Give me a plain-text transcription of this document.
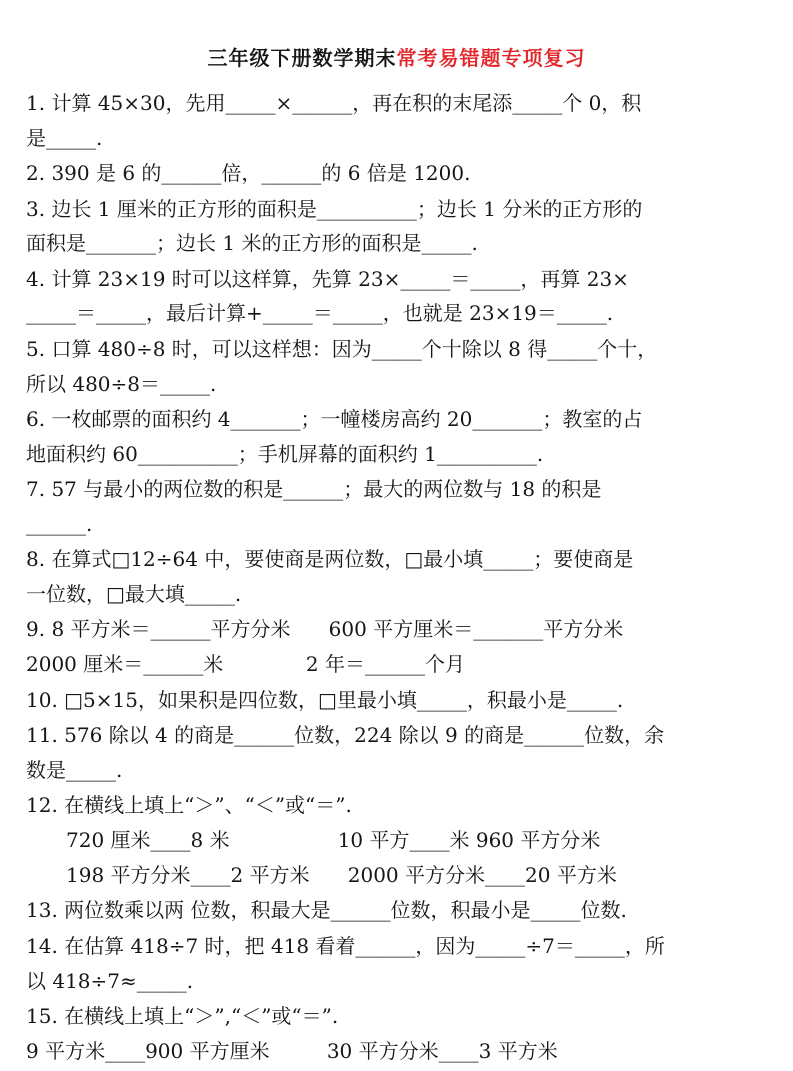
三年级下册数学期末常考易错题专项复习
1. 计算 45×30，先用_____×______，再在积的末尾添_____个 0，积
是_____.
2. 390 是 6 的______倍，______的 6 倍是 1200.
3. 边长 1 厘米的正方形的面积是__________；边长 1 分米的正方形的
面积是_______；边长 1 米的正方形的面积是_____.
4. 计算 23×19 时可以这样算，先算 23×_____＝_____，再算 23×
_____＝_____，最后计算+_____＝_____，也就是 23×19＝_____.
5. 口算 480÷8 时，可以这样想：因为_____个十除以 8 得_____个十，
所以 480÷8＝_____.
6. 一枚邮票的面积约 4_______；一幢楼房高约 20_______；教室的占
地面积约 60__________；手机屏幕的面积约 1__________.
7. 57 与最小的两位数的积是______；最大的两位数与 18 的积是
______.
8. 在算式□12÷64 中，要使商是两位数，□最小填_____；要使商是
一位数，□最大填_____.
9. 8 平方米＝______平方分米      600 平方厘米＝_______平方分米
2000 厘米＝______米             2 年＝______个月
10. □5×15，如果积是四位数，□里最小填_____，积最小是_____.
11. 576 除以 4 的商是______位数，224 除以 9 的商是______位数，余
数是_____.
12. 在横线上填上“＞”、“＜”或“＝”.
720 厘米____8 米                 10 平方____米 960 平方分米
198 平方分米____2 平方米      2000 平方分米____20 平方米
13. 两位数乘以两 位数，积最大是______位数，积最小是_____位数.
14. 在估算 418÷7 时，把 418 看着______，因为_____÷7＝_____，所
以 418÷7≈_____.
15. 在横线上填上“＞”,“＜”或“＝”.
9 平方米____900 平方厘米         30 平方分米____3 平方米
